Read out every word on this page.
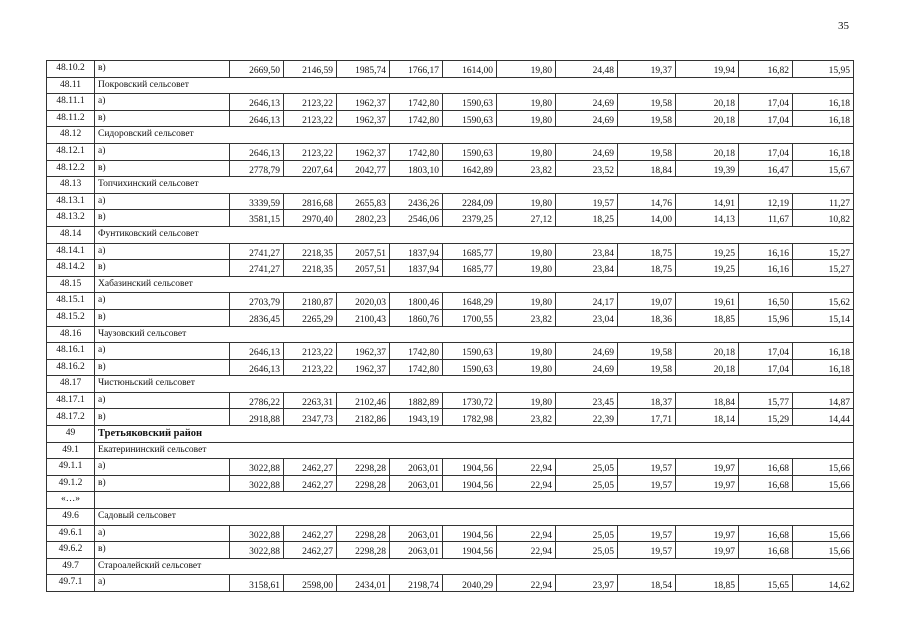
35
48.10.2	в)	2669,50	2146,59	1985,74	1766,17	1614,00	19,80	24,48	19,37	19,94	16,82	15,95
48.11	Покровский сельсовет											
48.11.1	а)	2646,13	2123,22	1962,37	1742,80	1590,63	19,80	24,69	19,58	20,18	17,04	16,18
48.11.2	в)	2646,13	2123,22	1962,37	1742,80	1590,63	19,80	24,69	19,58	20,18	17,04	16,18
48.12	Сидоровский сельсовет											
48.12.1	а)	2646,13	2123,22	1962,37	1742,80	1590,63	19,80	24,69	19,58	20,18	17,04	16,18
48.12.2	в)	2778,79	2207,64	2042,77	1803,10	1642,89	23,82	23,52	18,84	19,39	16,47	15,67
48.13	Топчихинский сельсовет											
48.13.1	а)	3339,59	2816,68	2655,83	2436,26	2284,09	19,80	19,57	14,76	14,91	12,19	11,27
48.13.2	в)	3581,15	2970,40	2802,23	2546,06	2379,25	27,12	18,25	14,00	14,13	11,67	10,82
48.14	Фунтиковский сельсовет											
48.14.1	а)	2741,27	2218,35	2057,51	1837,94	1685,77	19,80	23,84	18,75	19,25	16,16	15,27
48.14.2	в)	2741,27	2218,35	2057,51	1837,94	1685,77	19,80	23,84	18,75	19,25	16,16	15,27
48.15	Хабазинский сельсовет											
48.15.1	а)	2703,79	2180,87	2020,03	1800,46	1648,29	19,80	24,17	19,07	19,61	16,50	15,62
48.15.2	в)	2836,45	2265,29	2100,43	1860,76	1700,55	23,82	23,04	18,36	18,85	15,96	15,14
48.16	Чаузовский сельсовет											
48.16.1	а)	2646,13	2123,22	1962,37	1742,80	1590,63	19,80	24,69	19,58	20,18	17,04	16,18
48.16.2	в)	2646,13	2123,22	1962,37	1742,80	1590,63	19,80	24,69	19,58	20,18	17,04	16,18
48.17	Чистюньский сельсовет											
48.17.1	а)	2786,22	2263,31	2102,46	1882,89	1730,72	19,80	23,45	18,37	18,84	15,77	14,87
48.17.2	в)	2918,88	2347,73	2182,86	1943,19	1782,98	23,82	22,39	17,71	18,14	15,29	14,44
49	Третьяковский район											
49.1	Екатерининский сельсовет											
49.1.1	а)	3022,88	2462,27	2298,28	2063,01	1904,56	22,94	25,05	19,57	19,97	16,68	15,66
49.1.2	в)	3022,88	2462,27	2298,28	2063,01	1904,56	22,94	25,05	19,57	19,97	16,68	15,66
«…»												
49.6	Садовый сельсовет											
49.6.1	а)	3022,88	2462,27	2298,28	2063,01	1904,56	22,94	25,05	19,57	19,97	16,68	15,66
49.6.2	в)	3022,88	2462,27	2298,28	2063,01	1904,56	22,94	25,05	19,57	19,97	16,68	15,66
49.7	Староалейский сельсовет											
49.7.1	а)	3158,61	2598,00	2434,01	2198,74	2040,29	22,94	23,97	18,54	18,85	15,65	14,62
